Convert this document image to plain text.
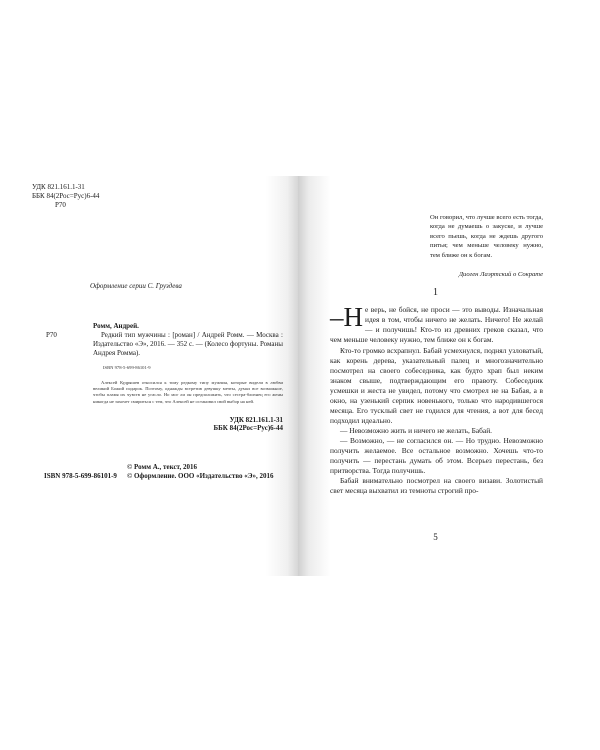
УДК 821.161.1-31

ББК 84(2Рос=Рус)6-44

Р70

Оформление серии С. Груздева

Ромм, Андрей.

Р70	Редкий тип мужчины : [роман] / Андрей Ромм. — Москва : Издательство «Э», 2016. — 352 с. — (Колесо фортуны. Романы Андрея Ромма).

ISBN 978-5-699-86101-9

Алексей Кудряшев относился к тому редкому типу мужчин, которые видели в любви великий Божий подарок. Поэтому, однажды встретив девушку мечты, думал все возможное, чтобы пламя их чувств не угасло. Но мог ли он предположить, что сестра-близнец его жены никогда не захочет смириться с тем, что Алексей не остановил свой выбор на ней.

УДК 821.161.1-31

ББК 84(2Рос=Рус)6-44

© Ромм А., текст, 2016

ISBN 978-5-699-86101-9 © Оформление. ООО «Издательство «Э», 2016

Он говорил, что лучше всего есть тогда, когда не думаешь о закуске, и лучше всего пьешь, когда не ждешь другого питья; чем меньше человеку нужно, тем ближе он к богам.

Диоген Лаэртский о Сократе

1

–Н е верь, не бойся, не проси — это выводы. Изначальная идея в том, чтобы ничего не желать. Ничего! Не желай — и получишь! Кто-то из древних греков сказал, что чем меньше человеку нужно, тем ближе он к богам.

Кто-то громко всхрапнул. Бабай усмехнулся, поднял узловатый, как корень дерева, указательный палец и многозначительно посмотрел на своего собеседника, как будто храп был неким знаком свыше, подтверждающим его правоту. Собеседник усмешки и жеста не увидел, потому что смотрел не на Бабая, а в окно, на узенький серпик новенького, только что народившегося месяца. Его тусклый свет не годился для чтения, а вот для бесед подходил идеально.

— Невозможно жить и ничего не желать, Бабай.

— Возможно, — не согласился он. — Но трудно. Невозможно получить желаемое. Все остальное возможно. Хочешь что-то получить — перестань думать об этом. Всерьез перестань, без притворства. Тогда получишь.

Бабай внимательно посмотрел на своего визави. Золотистый свет месяца выхватил из темноты строгий про-

5
